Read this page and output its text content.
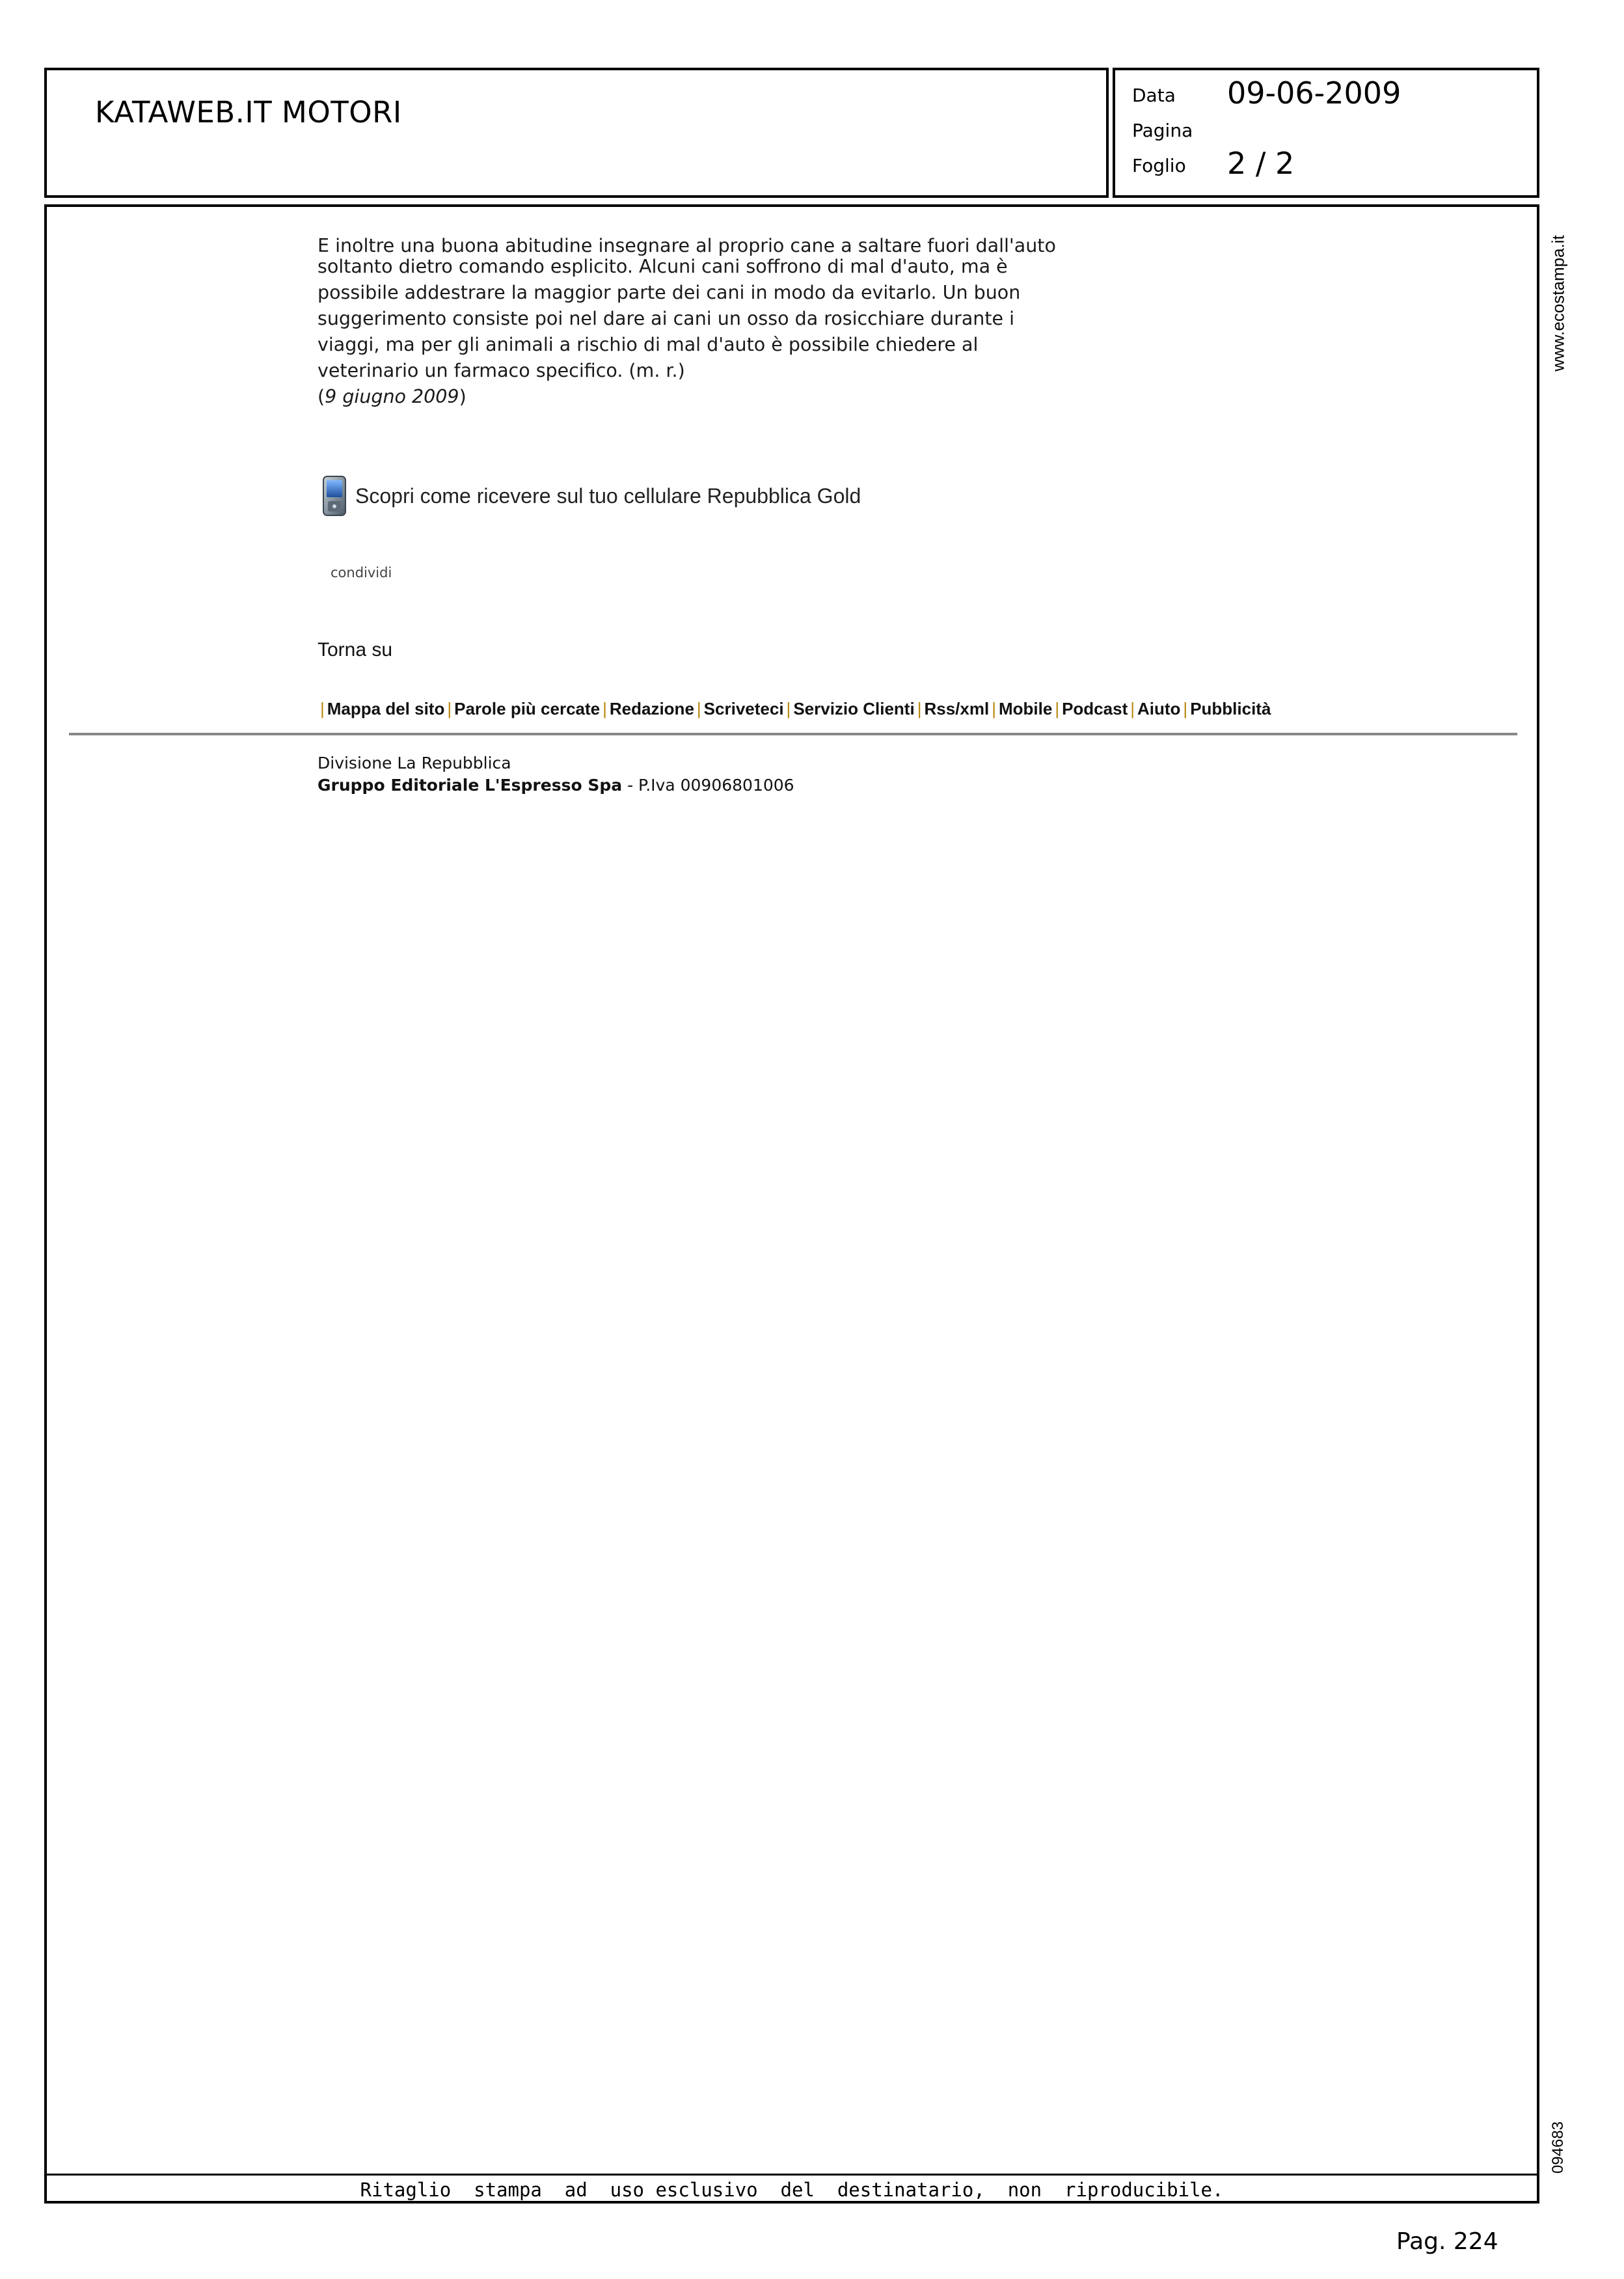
KATAWEB.IT MOTORI	Data 09-06-2009
Pagina
Foglio 2 / 2
E inoltre una buona abitudine insegnare al proprio cane a saltare fuori dall'auto
soltanto dietro comando esplicito. Alcuni cani soffrono di mal d'auto, ma è
possibile addestrare la maggior parte dei cani in modo da evitarlo. Un buon
suggerimento consiste poi nel dare ai cani un osso da rosicchiare durante i
viaggi, ma per gli animali a rischio di mal d'auto è possibile chiedere al
veterinario un farmaco specifico. (m. r.)
(9 giugno 2009)
Scopri come ricevere sul tuo cellulare Repubblica Gold
condividi
Torna su
| Mappa del sito | Parole più cercate | Redazione | Scriveteci | Servizio Clienti | Rss/xml | Mobile | Podcast | Aiuto | Pubblicità
Divisione La Repubblica
Gruppo Editoriale L'Espresso Spa - P.Iva 00906801006
Ritaglio  stampa  ad  uso esclusivo  del  destinatario,  non  riproducibile.
www.ecostampa.it
094683
Pag. 224
